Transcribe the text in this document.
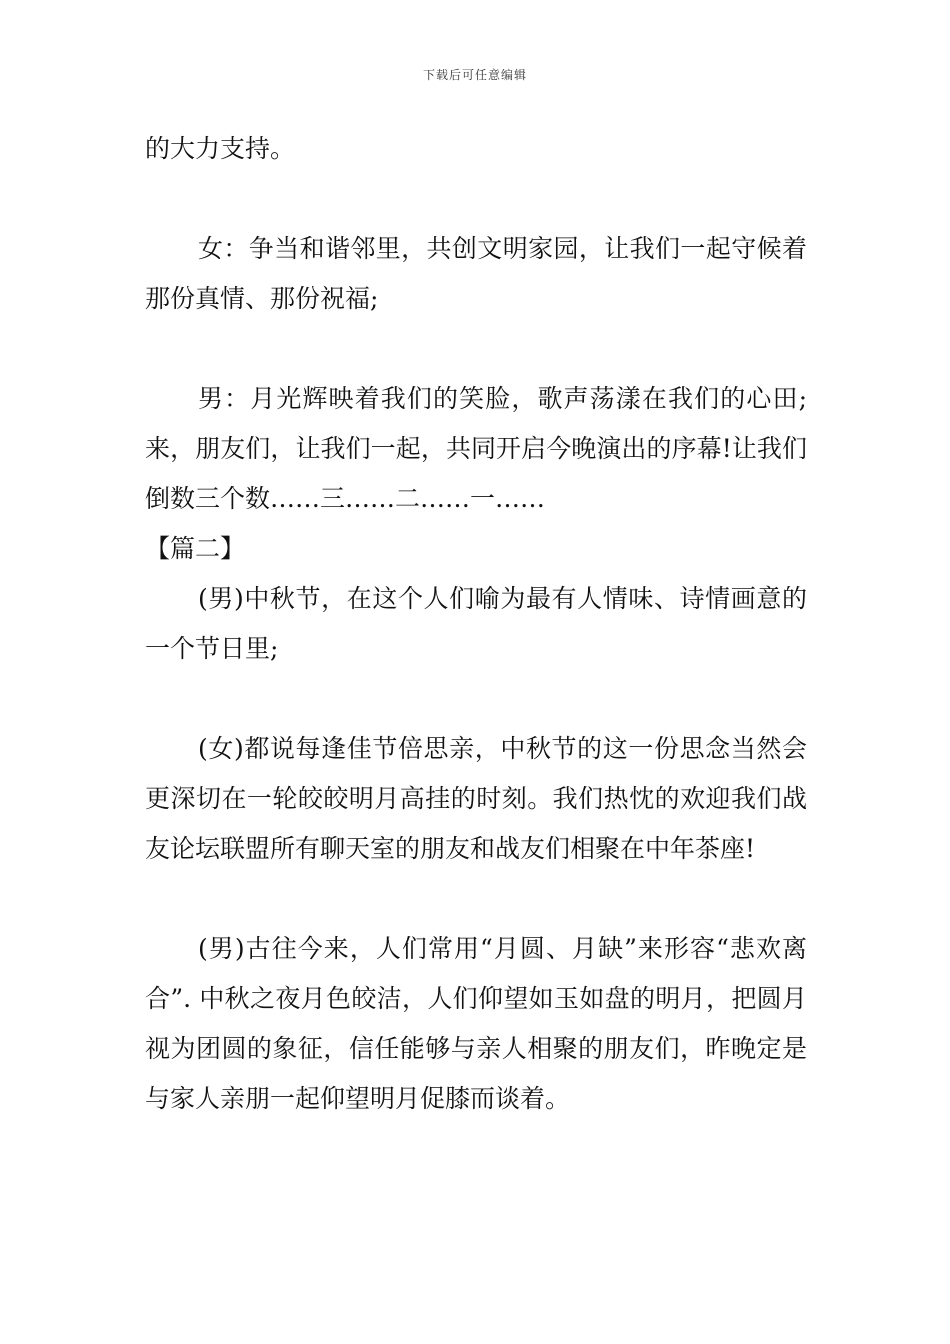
下载后可任意编辑

的大力支持。

女：争当和谐邻里，共创文明家园，让我们一起守候着那份真情、那份祝福;

男：月光辉映着我们的笑脸，歌声荡漾在我们的心田;来，朋友们，让我们一起，共同开启今晚演出的序幕!让我们倒数三个数……三……二……一……

【篇二】

(男)中秋节，在这个人们喻为最有人情味、诗情画意的一个节日里;

(女)都说每逢佳节倍思亲，中秋节的这一份思念当然会更深切在一轮皎皎明月高挂的时刻。我们热忱的欢迎我们战友论坛联盟所有聊天室的朋友和战友们相聚在中年茶座!

(男)古往今来，人们常用“月圆、月缺”来形容“悲欢离合”. 中秋之夜月色皎洁，人们仰望如玉如盘的明月，把圆月视为团圆的象征，信任能够与亲人相聚的朋友们，昨晚定是与家人亲朋一起仰望明月促膝而谈着。
